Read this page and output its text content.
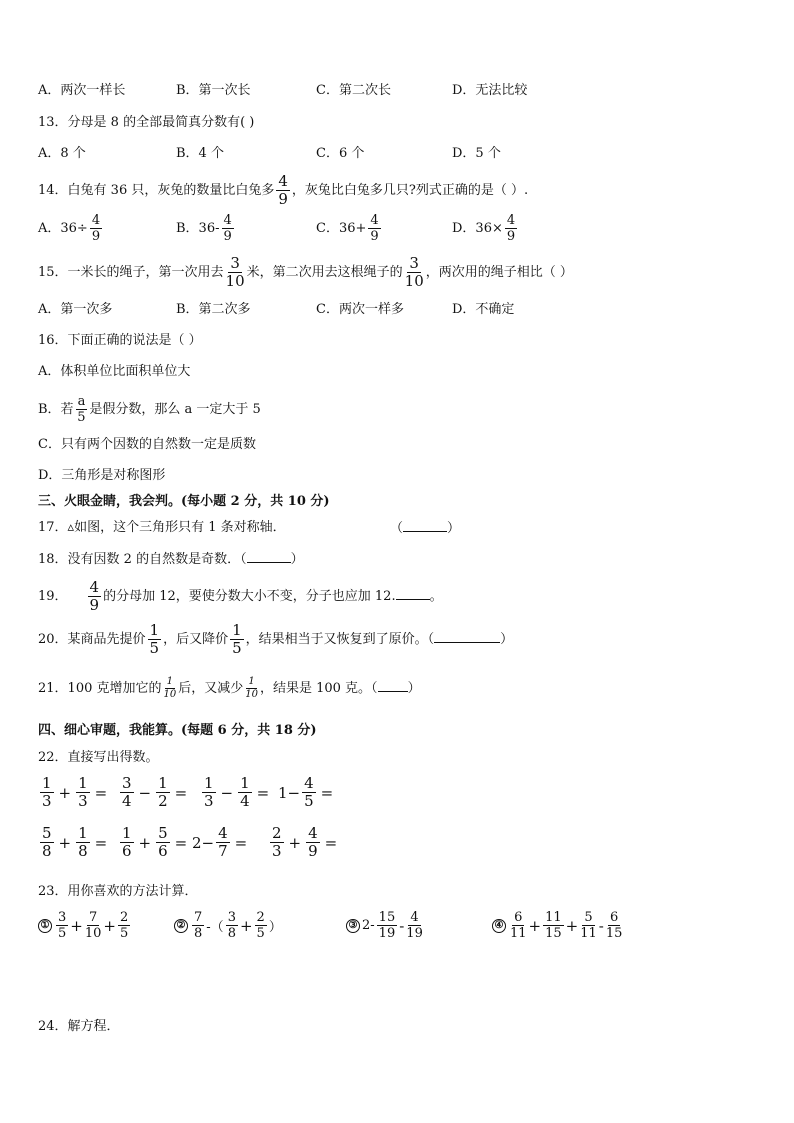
A．两次一样长	B．第一次长	C．第二次长	D．无法比较
13．分母是 8 的全部最简真分数有( )
A．8 个	B．4 个	C．6 个	D．5 个
14．白兔有 36 只，灰兔的数量比白兔多 $\frac{4}{9}$ ，灰兔比白兔多几只?列式正确的是（ ）.
A．$36\div \frac{4}{9}$	B．$36- \frac{4}{9}$	C．$36+ \frac{4}{9}$	D．$36\times \frac{4}{9}$
15．一米长的绳子，第一次用去 $\frac{3}{10}$ 米，第二次用去这根绳子的 $\frac{3}{10}$ ，两次用的绳子相比（ ）
A．第一次多	B．第二次多	C．两次一样多	D．不确定
16．下面正确的说法是（ ）
A．体积单位比面积单位大
B．若 $\frac{a}{5}$ 是假分数，那么 a 一定大于 5
C．只有两个因数的自然数一定是质数
D．三角形是对称图形
三、火眼金睛，我会判。(每小题 2 分，共 10 分)
17．▵如图，这个三角形只有 1 条对称轴．	（	）
18．没有因数 2 的自然数是奇数．（	）
19． $\frac{4}{9}$ 的分母加 12，要使分数大小不变，分子也应加 12.	。
20．某商品先提价 $\frac{1}{5}$ ，后又降价 $\frac{1}{5}$ ，结果相当于又恢复到了原价。（	）
21．100 克增加它的 $\frac{1}{10}$ 后，又减少 $\frac{1}{10}$ ，结果是 100 克。（ ）
四、细心审题，我能算。(每题 6 分，共 18 分)
22．直接写出得数。
$\frac{1}{3} + \frac{1}{3} = \frac{3}{4} - \frac{1}{2} = \frac{1}{3} - \frac{1}{4} = 1- \frac{4}{5}$ =
$\frac{5}{8} + \frac{1}{8} = \frac{1}{6} + \frac{5}{6} = 2- \frac{4}{7} = \frac{2}{3} + \frac{4}{9}$ =
23．用你喜欢的方法计算．
① $\frac{3}{5} + \frac{7}{10} + \frac{2}{5}$	② $\frac{7}{8}$ -（ $\frac{3}{8} + \frac{2}{5}$ ）	③ $2- \frac{15}{19} - \frac{4}{19}$	④ $\frac{6}{11} + \frac{11}{15} + \frac{5}{11} - \frac{6}{15}$
24．解方程．
